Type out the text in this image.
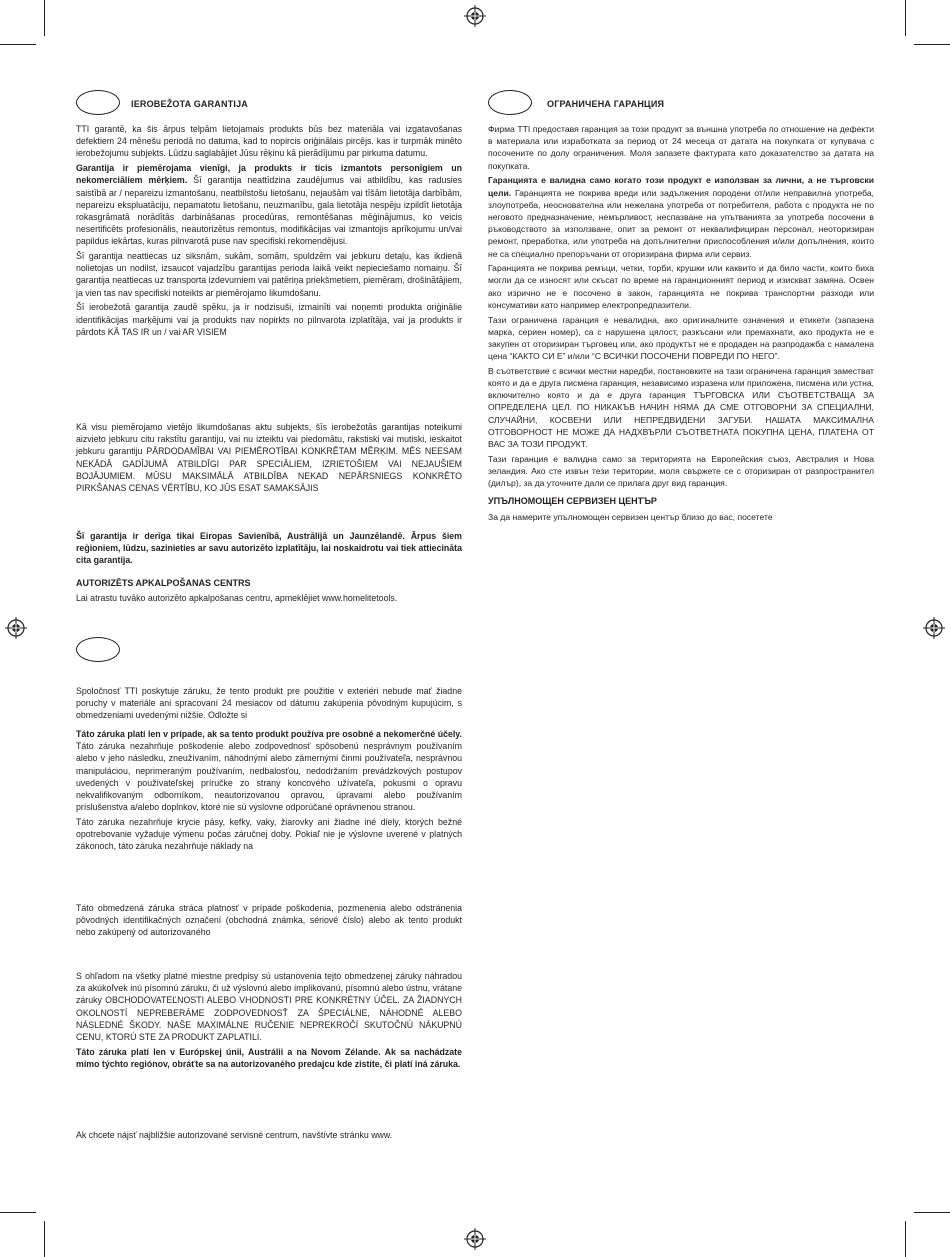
IEROBEŽOTA GARANTIJA

TTI garantē, ka šis ārpus telpām lietojamais produkts būs bez materiāla vai izgatavošanas defektiem 24 mēnešu periodā no datuma, kad to nopircis oriģinālais pircējs. kas ir turpmāk minēto ierobežojumu subjekts. Lūdzu saglabājiet Jūsu rēķinu kā pierādījumu par pirkuma datumu.

Garantija ir piemērojama vienīgi, ja produkts ir ticis izmantots personīgiem un nekomerciāliem mērķiem. Šī garantija neattīdzina zaudējumus vai atbildību, kas radusies saistībā ar / nepareizu izmantošanu, neatbilstošu lietošanu, nejaušām vai tīšām lietotāja darbībām, nepareizu ekspluatāciju, nepamatotu lietošanu, neuzmanību, gala lietotāja nespēju izpildīt lietotāja rokasgrāmatā norādītās darbināšanas procedūras, remontēšanas mēģinājumus, ko veicis nesertificēts profesionālis, neautorizētus remontus, modifikācijas vai izmantojis aprīkojumu un/vai papildus iekārtas, kuras pilnvarotā puse nav specifiski rekomendējusi.

Šī garantija neattiecas uz siksnām, sukām, somām, spuldzēm vai jebkuru detaļu, kas ikdienā nolietojas un nodilst, izsaucot vajadzību garantijas perioda laikā veikt nepieciešamo nomaiņu. Šī garantija neattiecas uz transporta izdevumiem vai patēriņa priekšmetiem, piemēram, drošinātājiem, ja vien tas nav specifiski noteikts ar piemērojamo likumdošanu.

Šī ierobežotā garantija zaudē spēku, ja ir nodzisuši, izmainīti vai noņemti produkta oriģinālie identifikācijas marķējumi vai ja produkts nav nopirkts no pilnvarota izplatītāja, vai ja produkts ir pārdots KĀ TAS IR un / vai AR VISIEM

Kā visu piemērojamo vietējo likumdošanas aktu subjekts, šīs ierobežotās garantijas noteikumi aizvieto jebkuru citu rakstītu garantiju, vai nu izteiktu vai piedomātu, rakstiski vai mutiski, ieskaitot jebkuru garantiju PĀRDODAMĪBAI VAI PIEMĒROTĪBAI KONKRĒTAM MĒRĶIM. MĒS NEESAM NEKĀDĀ GADĪJUMĀ ATBILDĪGI PAR SPECIĀLIEM, IZRIETOŠIEM VAI NEJAUŠIEM BOJĀJUMIEM. MŪSU MAKSIMĀLĀ ATBILDĪBA NEKAD NEPĀRSNIEGS KONKRĒTO PIRKŠANAS CENAS VĒRTĪBU, KO JŪS ESAT SAMAKSĀJIS

Šī garantija ir derīga tikai Eiropas Savienībā, Austrālijā un Jaunzēlandē. Ārpus šiem reģioniem, lūdzu, sazinieties ar savu autorizēto izplatītāju, lai noskaidrotu vai tiek attiecināta cita garantija.

AUTORIZĒTS APKALPOŠANAS CENTRS

Lai atrastu tuvāko autorizēto apkalpošanas centru, apmeklējiet www.homelitetools.

Spoločnosť TTI poskytuje záruku, že tento produkt pre použitie v exteriéri nebude mať žiadne poruchy v materiále ani spracovaní 24 mesiacov od dátumu zakúpenia pôvodným kupujúcim, s obmedzeniami uvedenými nižšie. Odložte si

Táto záruka platí len v prípade, ak sa tento produkt používa pre osobné a nekomerčné účely. Táto záruka nezahrňuje poškodenie alebo zodpovednosť spôsobenú nesprávnym používaním alebo v jeho následku, zneužívaním, náhodnými alebo zámernými činmi používateľa, nesprávnou manipuláciou, neprimeraným používaním, nedbalosťou, nedodržaním prevádzkových postupov uvedených v používateľskej príručke zo strany koncového užívateľa, pokusmi o opravu nekvalifikovaným odborníkom, neautorizovanou opravou, úpravami alebo používaním príslušenstva a/alebo doplnkov, ktoré nie sú výslovne odporúčané oprávnenou stranou.

Táto záruka nezahrňuje krycie pásy, kefky, vaky, žiarovky ani žiadne iné diely, ktorých bežné opotrebovanie vyžaduje výmenu počas záručnej doby. Pokiaľ nie je výslovne uverené v platných zákonoch, táto záruka nezahrňuje náklady na

Táto obmedzená záruka stráca platnosť v prípade poškodenia, pozmenenia alebo odstránenia pôvodných identifikačných označení (obchodná známka, sériové číslo) alebo ak tento produkt nebo zakúpený od autorizovaného

S ohľadom na všetky platné miestne predpisy sú ustanovenia tejto obmedzenej záruky náhradou za akúkoľvek inú písomnú záruku, či už výslovnú alebo implikovanú, písomnú alebo ústnu, vrátane záruky OBCHODOVATEĽNOSTI ALEBO VHODNOSTI PRE KONKRÉTNY ÚČEL. ZA ŽIADNYCH OKOLNOSTÍ NEPREBERÁME ZODPOVEDNOSŤ ZA ŠPECIÁLNE, NÁHODNÉ ALEBO NÁSLEDNÉ ŠKODY. NAŠE MAXIMÁLNE RUČENIE NEPREKROČÍ SKUTOČNÚ NÁKUPNÚ CENU, KTORÚ STE ZA PRODUKT ZAPLATILI.

Táto záruka platí len v Európskej únii, Austrálii a na Novom Zélande. Ak sa nachádzate mimo týchto regiónov, obráťte sa na autorizovaného predajcu kde zistíte, či platí iná záruka.

Ak chcete nájsť najbližšie autorizované servisné centrum, navštívte stránku www.

ОГРАНИЧЕНА ГАРАНЦИЯ

Фирма TTI предоставя гаранция за този продукт за външна употреба по отношение на дефекти в материала или изработката за период от 24 месеца от датата на покупката от купувача с посочените по долу ограничения. Моля запазете фактурата като доказателство за датата на покупката.

Гаранцията е валидна само когато този продукт е използван за лични, а не търговски цели. Гаранцията не покрива вреди или задължения породени от/или неправилна употреба, злоупотреба, неоснователна или нежелана употреба от потребителя, работа с продукта не по неговото предназначение, немърливост, неспазване на упътванията за употреба посочени в ръководството за използване, опит за ремонт от неквалифициран персонал, неоторизиран ремонт, преработка, или употреба на допълнителни приспособления и/или допълнения, които не са специално препоръчани от оторизирана фирма или сервиз.

Гаранцията не покрива ремъци, четки, торби, крушки или каквито и да било части, които биха могли да се износят или скъсат по време на гаранционният период и изискват замяна. Освен ако изрично не е посочено в закон, гаранцията не покрива транспортни разходи или консумативи като например електропредпазители.

Тази ограничена гаранция е невалидна, ако оригиналните означения и етикети (запазена марка, сериен номер), са с нарушена цялост, разкъсани или премахнати, ако продукта не е закупен от оторизиран търговец или, ако продуктът не е продаден на разпродажба с намалена цена “КАКТО СИ Е” и/или “С ВСИЧКИ ПОСОЧЕНИ ПОВРЕДИ ПО НЕГО”.

В съответствие с всички местни наредби, постановките на тази ограничена гаранция заместват която и да е друга писмена гаранция, независимо изразена или приложена, писмена или устна, включително която и да е друга гаранция ТЪРГОВСКА ИЛИ СЪОТВЕТСТВАЩА ЗА ОПРЕДЕЛЕНА ЦЕЛ. ПО НИКАКЪВ НАЧИН НЯМА ДА СМЕ ОТГОВОРНИ ЗА СПЕЦИАЛНИ, СЛУЧАЙНИ, КОСВЕНИ ИЛИ НЕПРЕДВИДЕНИ ЗАГУБИ. НАШАТА МАКСИМАЛНА ОТГОВОРНОСТ НЕ МОЖЕ ДА НАДХВЪРЛИ СЪОТВЕТНАТА ПОКУПНА ЦЕНА, ПЛАТЕНА ОТ ВАС ЗА ТОЗИ ПРОДУКТ.

Тази гаранция е валидна само за територията на Европейския съюз, Австралия и Нова зеландия. Ако сте извън тези територии, моля свържете се с оторизиран от разпространител (дилър), за да уточните дали се прилага друг вид гаранция.

УПЪЛНОМОЩЕН СЕРВИЗЕН ЦЕНТЪР

За да намерите упълномощен сервизен център близо до вас, посетете
